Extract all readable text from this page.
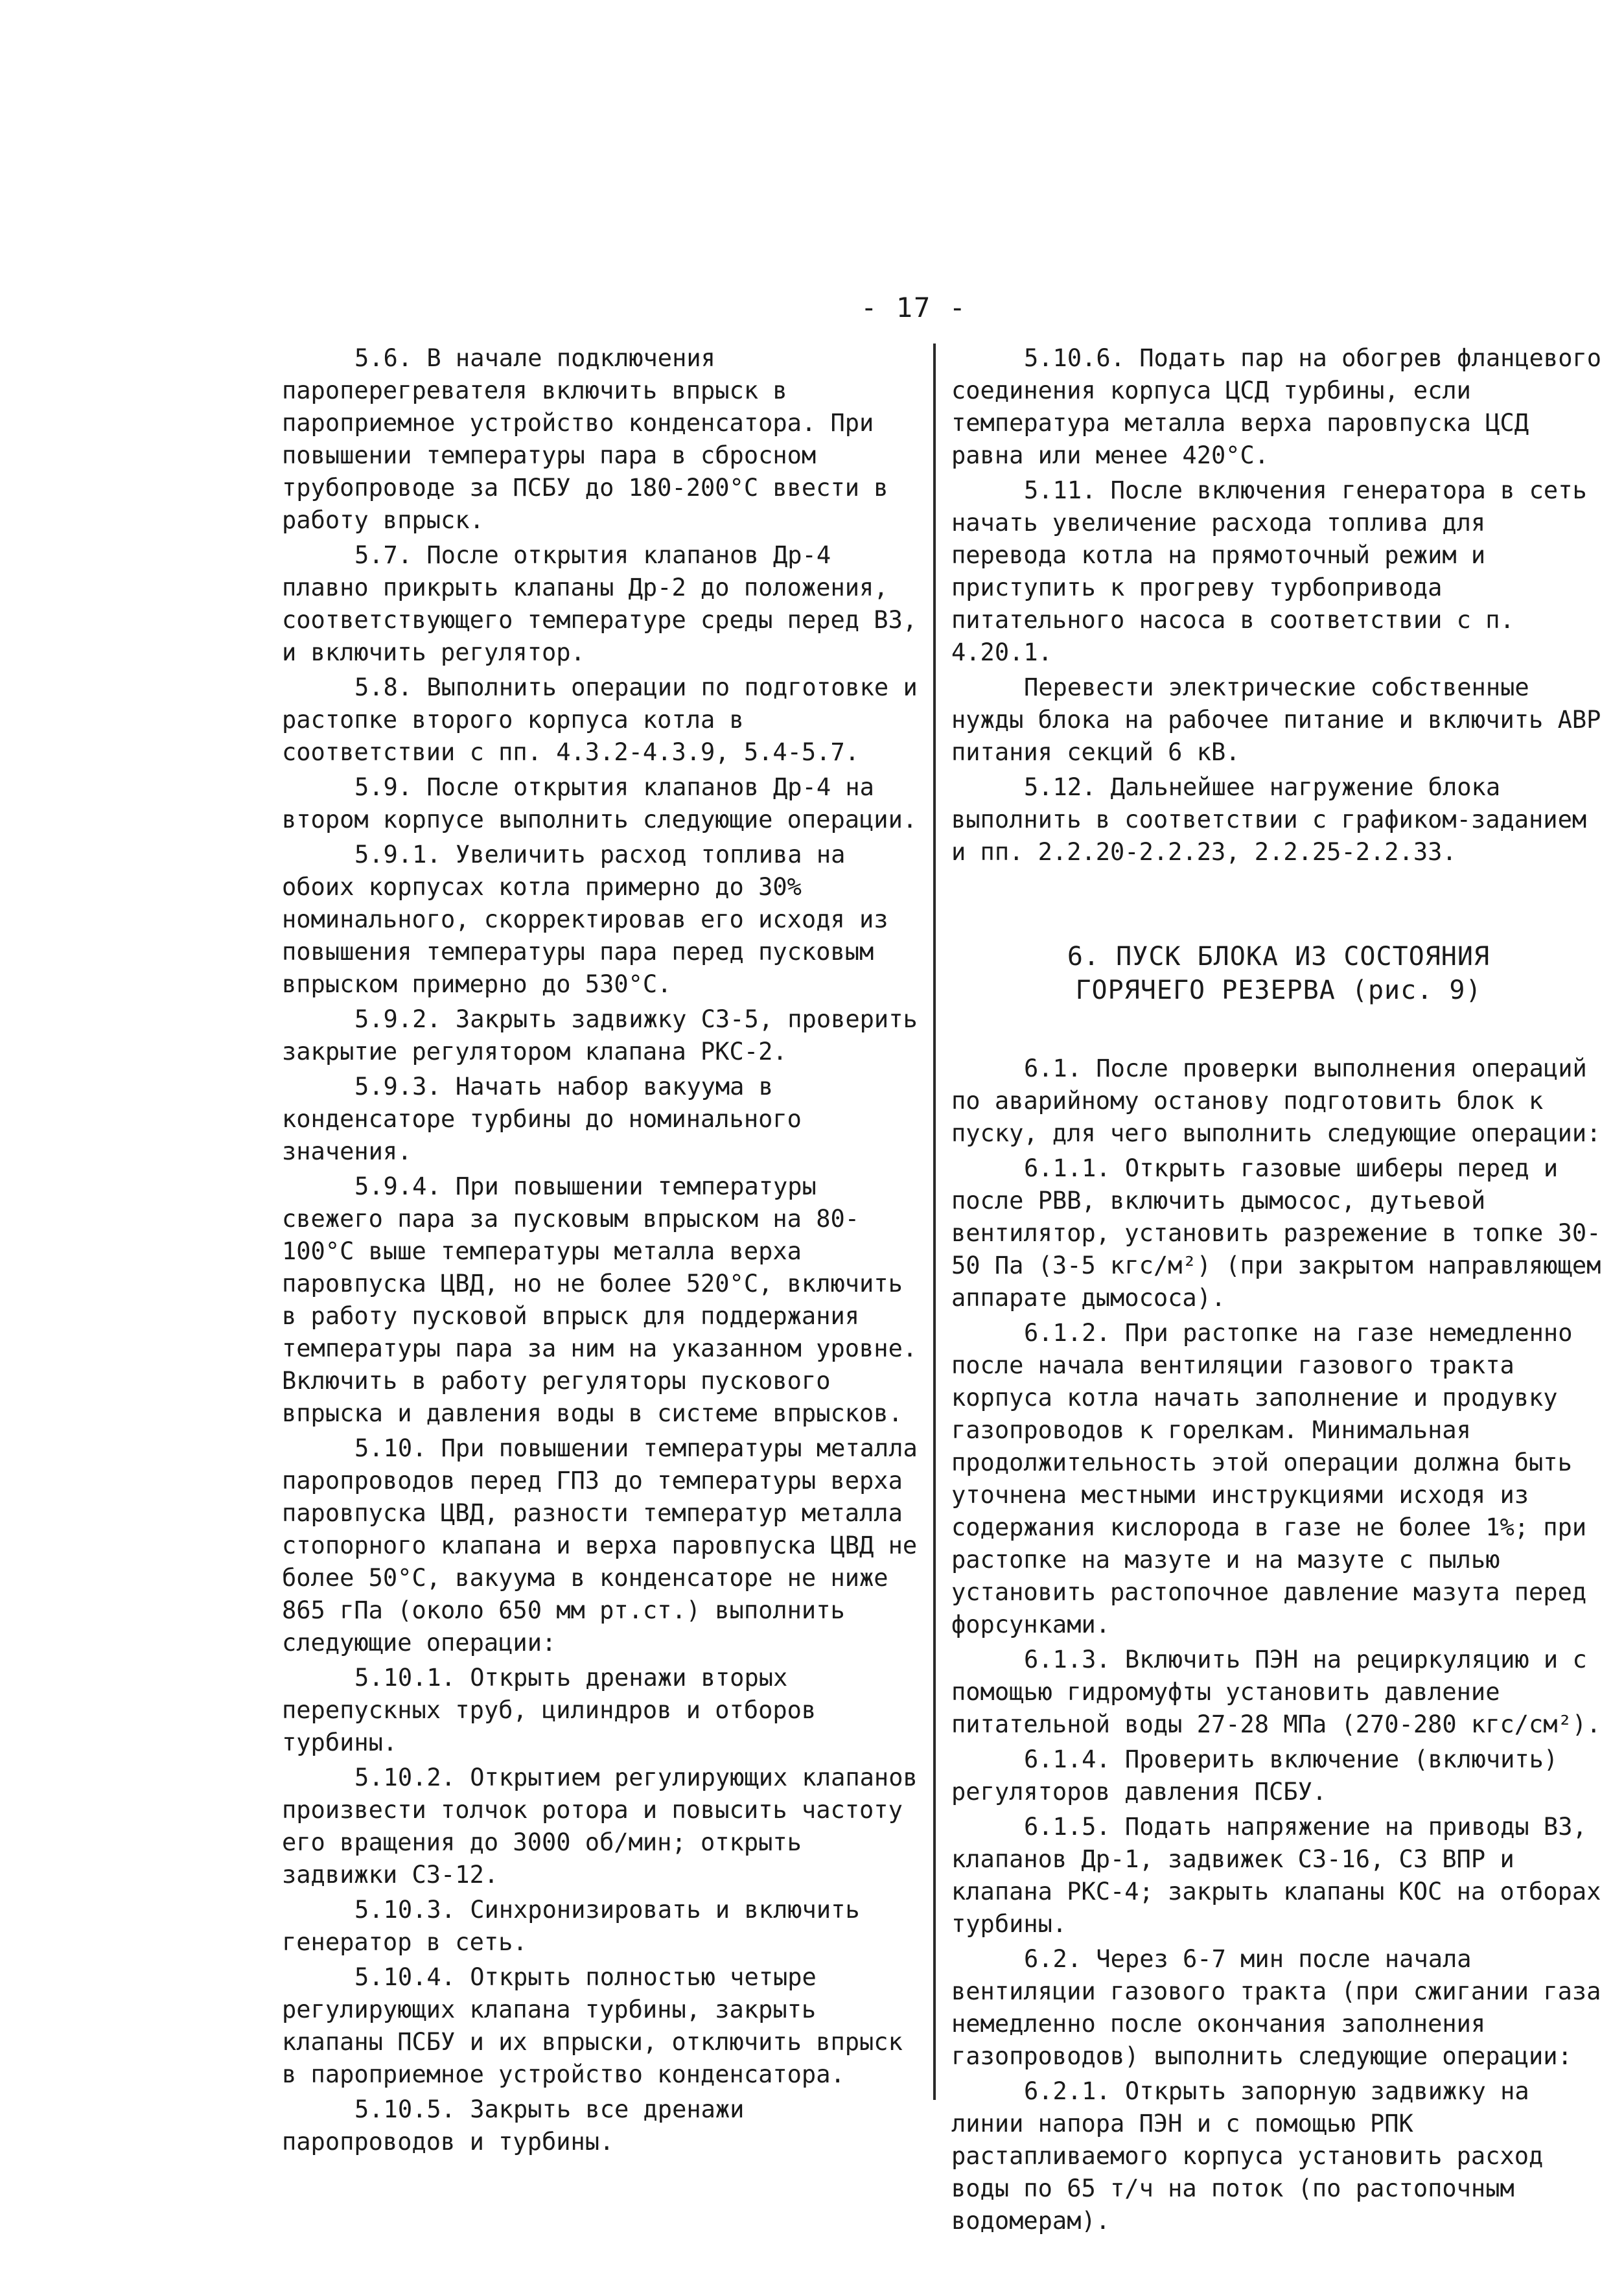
- 17 -

5.6. В начале подключения пароперегревателя включить впрыск в пароприемное устройство конденсатора. При повышении температуры пара в сбросном трубопроводе за ПСБУ до 180-200°С ввести в работу впрыск.

5.7. После открытия клапанов Др-4 плавно прикрыть клапаны Др-2 до положения, соответствующего температуре среды перед В3, и включить регулятор.

5.8. Выполнить операции по подготовке и растопке второго корпуса котла в соответствии с пп. 4.3.2-4.3.9, 5.4-5.7.

5.9. После открытия клапанов Др-4 на втором корпусе выполнить следующие операции.

5.9.1. Увеличить расход топлива на обоих корпусах котла примерно до 30% номинального, скорректировав его исходя из повышения температуры пара перед пусковым впрыском примерно до 530°С.

5.9.2. Закрыть задвижку С3-5, проверить закрытие регулятором клапана РКС-2.

5.9.3. Начать набор вакуума в конденсаторе турбины до номинального значения.

5.9.4. При повышении температуры свежего пара за пусковым впрыском на 80-100°С выше температуры металла верха паровпуска ЦВД, но не более 520°С, включить в работу пусковой впрыск для поддержания температуры пара за ним на указанном уровне. Включить в работу регуляторы пускового впрыска и давления воды в системе впрысков.

5.10. При повышении температуры металла паропроводов перед ГПЗ до температуры верха паровпуска ЦВД, разности температур металла стопорного клапана и верха паровпуска ЦВД не более 50°С, вакуума в конденсаторе не ниже 865 гПа (около 650 мм рт.ст.) выполнить следующие операции:

5.10.1. Открыть дренажи вторых перепускных труб, цилиндров и отборов турбины.

5.10.2. Открытием регулирующих клапанов произвести толчок ротора и повысить частоту его вращения до 3000 об/мин; открыть задвижки С3-12.

5.10.3. Синхронизировать и включить генератор в сеть.

5.10.4. Открыть полностью четыре регулирующих клапана турбины, закрыть клапаны ПСБУ и их впрыски, отключить впрыск в пароприемное устройство конденсатора.

5.10.5. Закрыть все дренажи паропроводов и турбины.

5.10.6. Подать пар на обогрев фланцевого соединения корпуса ЦСД турбины, если температура металла верха паровпуска ЦСД равна или менее 420°С.

5.11. После включения генератора в сеть начать увеличение расхода топлива для перевода котла на прямоточный режим и приступить к прогреву турбопривода питательного насоса в соответствии с п. 4.20.1.

Перевести электрические собственные нужды блока на рабочее питание и включить АВР питания секций 6 кВ.

5.12. Дальнейшее нагружение блока выполнить в соответствии с графиком-заданием и пп. 2.2.20-2.2.23, 2.2.25-2.2.33.

6. ПУСК БЛОКА ИЗ СОСТОЯНИЯ
ГОРЯЧЕГО РЕЗЕРВА (рис. 9)

6.1. После проверки выполнения операций по аварийному останову подготовить блок к пуску, для чего выполнить следующие операции:

6.1.1. Открыть газовые шиберы перед и после РВВ, включить дымосос, дутьевой вентилятор, установить разрежение в топке 30-50 Па (3-5 кгс/м²) (при закрытом направляющем аппарате дымососа).

6.1.2. При растопке на газе немедленно после начала вентиляции газового тракта корпуса котла начать заполнение и продувку газопроводов к горелкам. Минимальная продолжительность этой операции должна быть уточнена местными инструкциями исходя из содержания кислорода в газе не более 1%; при растопке на мазуте и на мазуте с пылью установить растопочное давление мазута перед форсунками.

6.1.3. Включить ПЭН на рециркуляцию и с помощью гидромуфты установить давление питательной воды 27-28 МПа (270-280 кгс/см²).

6.1.4. Проверить включение (включить) регуляторов давления ПСБУ.

6.1.5. Подать напряжение на приводы В3, клапанов Др-1, задвижек С3-16, С3 ВПР и клапана РКС-4; закрыть клапаны КОС на отборах турбины.

6.2. Через 6-7 мин после начала вентиляции газового тракта (при сжигании газа немедленно после окончания заполнения газопроводов) выполнить следующие операции:

6.2.1. Открыть запорную задвижку на линии напора ПЭН и с помощью РПК растапливаемого корпуса установить расход воды по 65 т/ч на поток (по растопочным водомерам).
